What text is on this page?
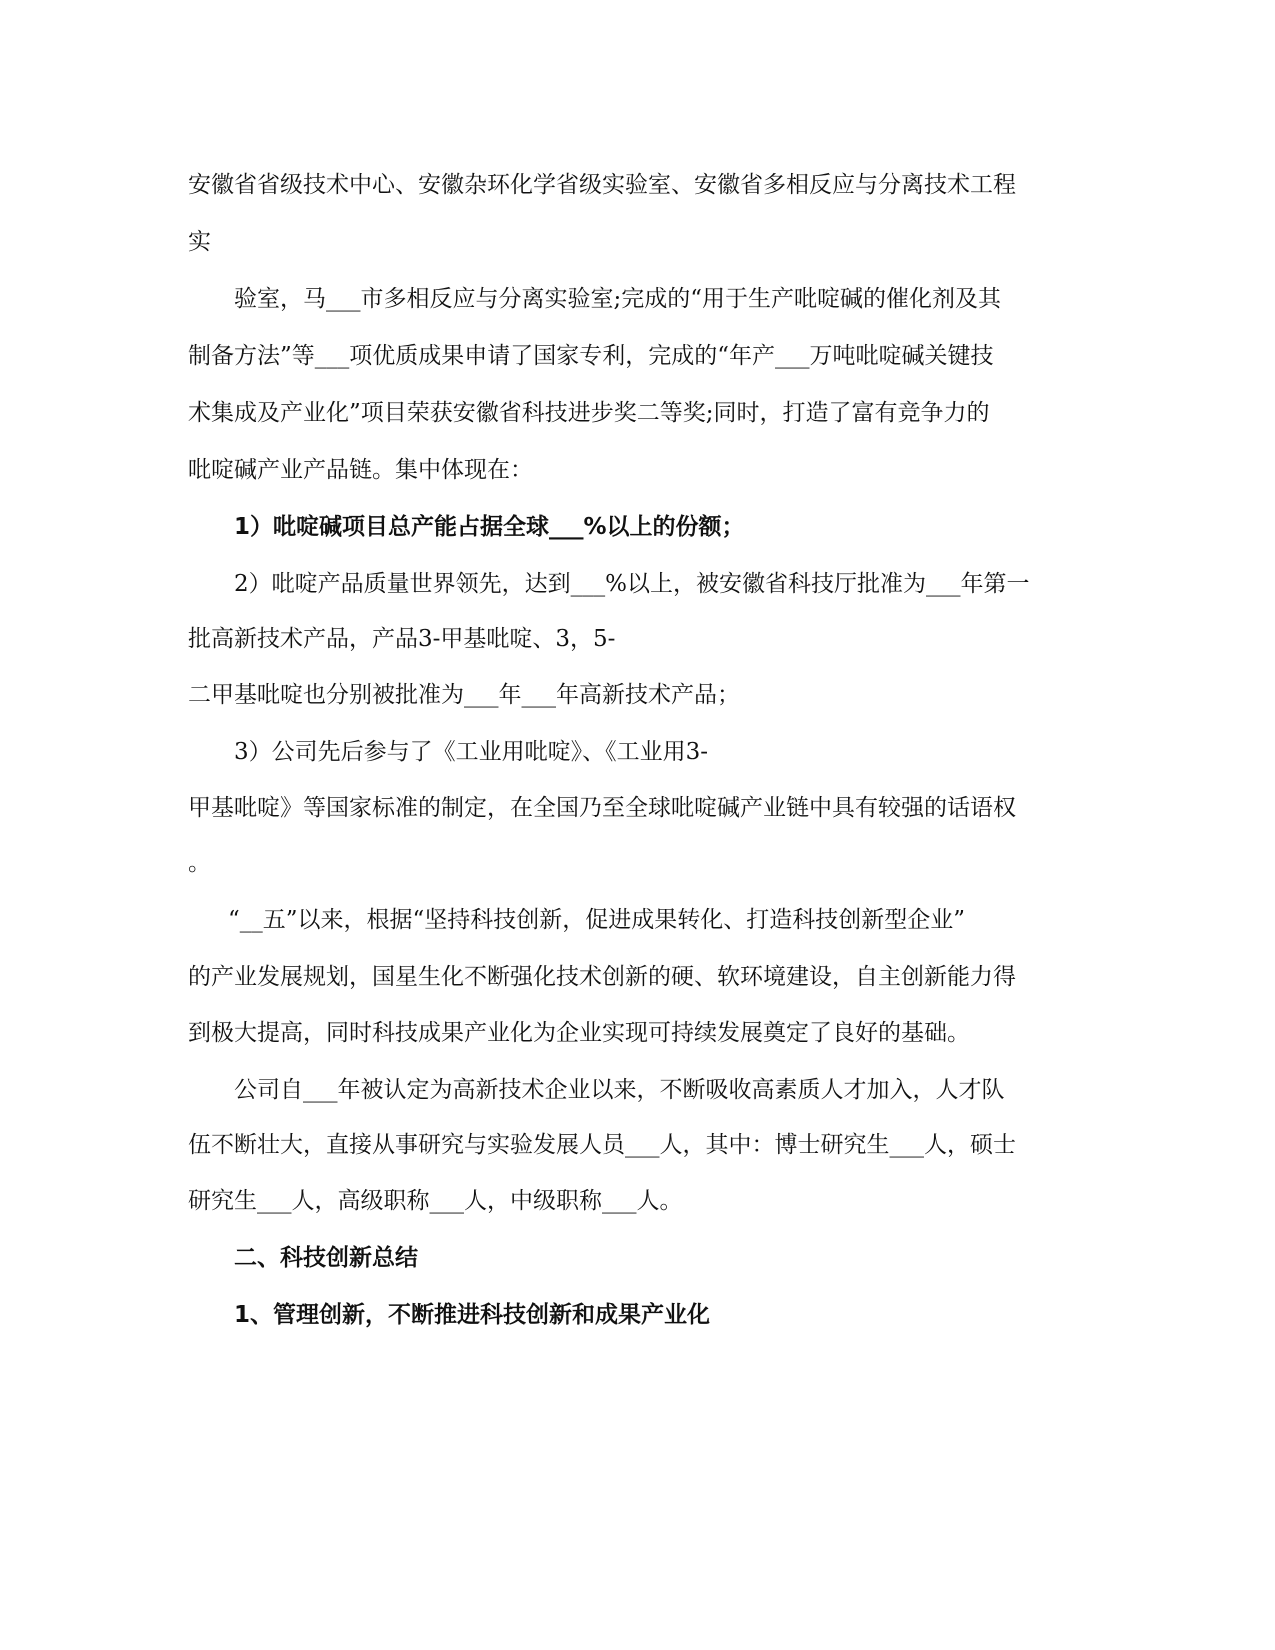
安徽省省级技术中心、安徽杂环化学省级实验室、安徽省多相反应与分离技术工程

实

验室，马___市多相反应与分离实验室;完成的“用于生产吡啶碱的催化剂及其

制备方法”等___项优质成果申请了国家专利，完成的“年产___万吨吡啶碱关键技

术集成及产业化”项目荣获安徽省科技进步奖二等奖;同时，打造了富有竞争力的

吡啶碱产业产品链。集中体现在：

1）吡啶碱项目总产能占据全球___%以上的份额；

2）吡啶产品质量世界领先，达到___%以上，被安徽省科技厅批准为___年第一

批高新技术产品，产品3-甲基吡啶、3，5-

二甲基吡啶也分别被批准为___年___年高新技术产品；

3）公司先后参与了《工业用吡啶》、《工业用3-

甲基吡啶》等国家标准的制定，在全国乃至全球吡啶碱产业链中具有较强的话语权

。

“__五”以来，根据“坚持科技创新，促进成果转化、打造科技创新型企业”

的产业发展规划，国星生化不断强化技术创新的硬、软环境建设，自主创新能力得

到极大提高，同时科技成果产业化为企业实现可持续发展奠定了良好的基础。

公司自___年被认定为高新技术企业以来，不断吸收高素质人才加入，人才队

伍不断壮大，直接从事研究与实验发展人员___人，其中：博士研究生___人，硕士

研究生___人，高级职称___人，中级职称___人。

二、科技创新总结

1、管理创新，不断推进科技创新和成果产业化
